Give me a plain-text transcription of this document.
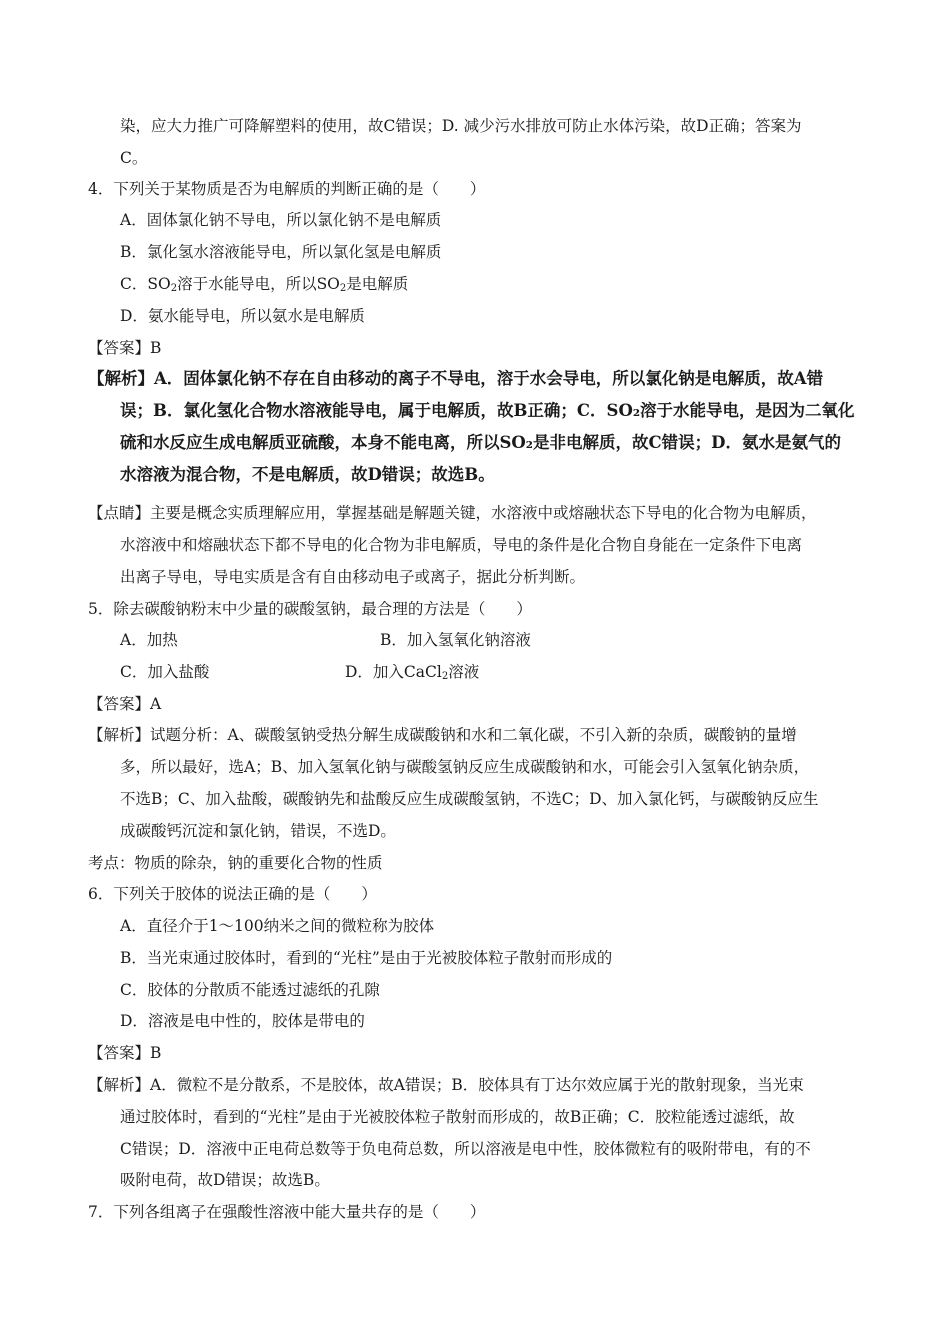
染，应大力推广可降解塑料的使用，故C错误；D. 减少污水排放可防止水体污染，故D正确；答案为
C。
4．下列关于某物质是否为电解质的判断正确的是（　　）
A．固体氯化钠不导电，所以氯化钠不是电解质
B．氯化氢水溶液能导电，所以氯化氢是电解质
C．$SO_2$溶于水能导电，所以$SO_2$是电解质
D．氨水能导电，所以氨水是电解质
【答案】B
【解析】A．固体氯化钠不存在自由移动的离子不导电，溶于水会导电，所以氯化钠是电解质，故A错
误；B．氯化氢化合物水溶液能导电，属于电解质，故B正确；C．SO₂溶于水能导电，是因为二氧化
硫和水反应生成电解质亚硫酸，本身不能电离，所以SO₂是非电解质，故C错误；D．氨水是氨气的
水溶液为混合物，不是电解质，故D错误；故选B。
【点睛】主要是概念实质理解应用，掌握基础是解题关键，水溶液中或熔融状态下导电的化合物为电解质，
水溶液中和熔融状态下都不导电的化合物为非电解质，导电的条件是化合物自身能在一定条件下电离
出离子导电，导电实质是含有自由移动电子或离子，据此分析判断。
5．除去碳酸钠粉末中少量的碳酸氢钠，最合理的方法是（　　）
A．加热	B．加入氢氧化钠溶液
C．加入盐酸	D．加入CaCl$_2$溶液
【答案】A
【解析】试题分析：A、碳酸氢钠受热分解生成碳酸钠和水和二氧化碳，不引入新的杂质，碳酸钠的量增
多，所以最好，选A；B、加入氢氧化钠与碳酸氢钠反应生成碳酸钠和水，可能会引入氢氧化钠杂质，
不选B；C、加入盐酸，碳酸钠先和盐酸反应生成碳酸氢钠，不选C；D、加入氯化钙，与碳酸钠反应生
成碳酸钙沉淀和氯化钠，错误，不选D。
考点：物质的除杂，钠的重要化合物的性质
6．下列关于胶体的说法正确的是（　　）
A．直径介于1～100纳米之间的微粒称为胶体
B．当光束通过胶体时，看到的“光柱”是由于光被胶体粒子散射而形成的
C．胶体的分散质不能透过滤纸的孔隙
D．溶液是电中性的，胶体是带电的
【答案】B
【解析】A．微粒不是分散系，不是胶体，故A错误；B．胶体具有丁达尔效应属于光的散射现象，当光束
通过胶体时，看到的“光柱”是由于光被胶体粒子散射而形成的，故B正确；C．胶粒能透过滤纸，故
C错误；D．溶液中正电荷总数等于负电荷总数，所以溶液是电中性，胶体微粒有的吸附带电，有的不
吸附电荷，故D错误；故选B。
7．下列各组离子在强酸性溶液中能大量共存的是（　　）
